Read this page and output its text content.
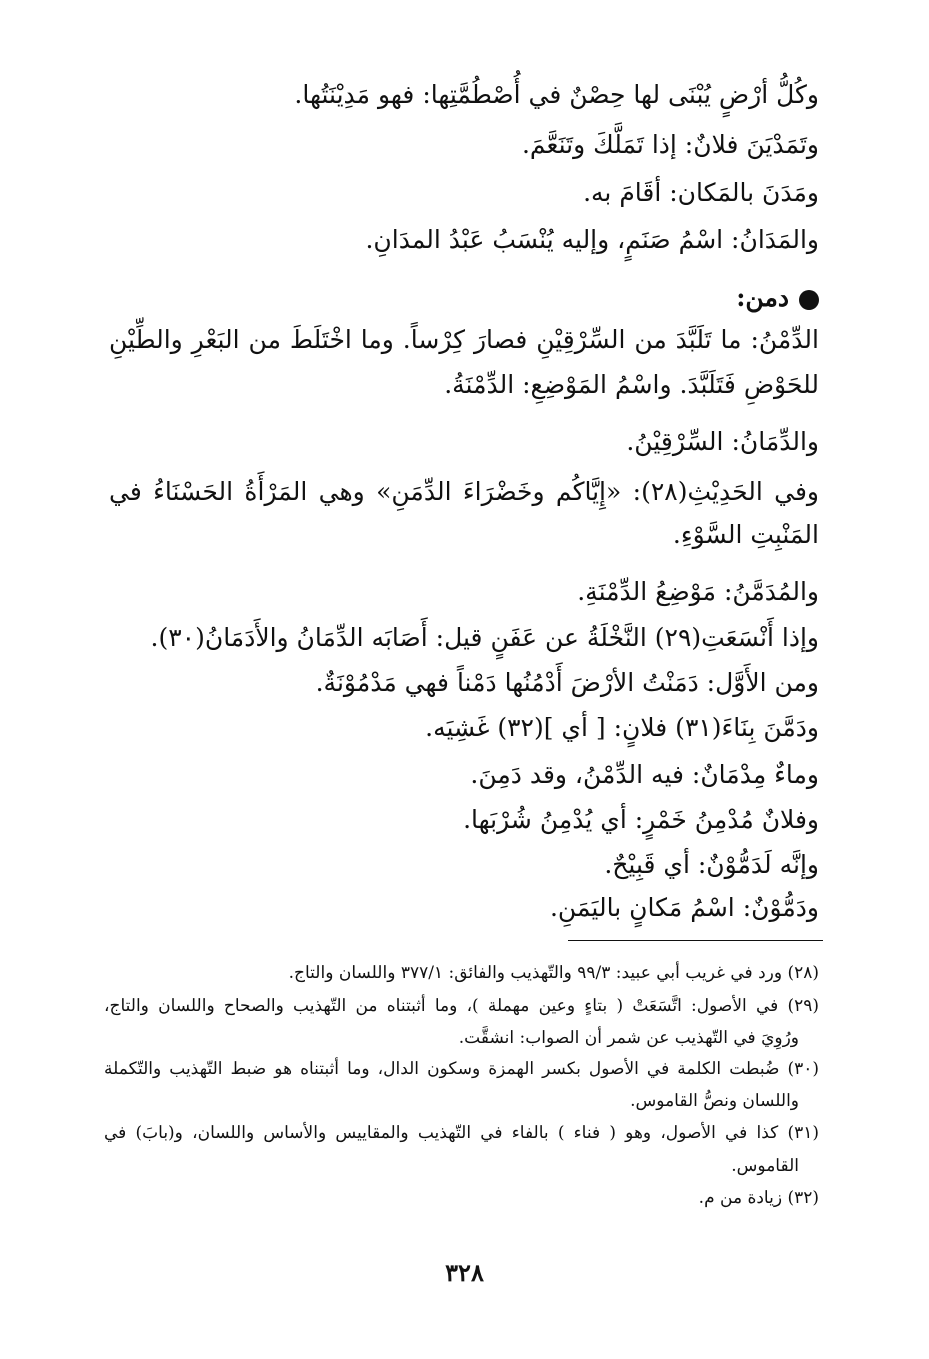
وكُلُّ أرْضٍ يُبْنَى لها حِصْنٌ في أُصْطُمَّتِها: فهو مَدِيْنَتُها.
وتَمَدْيَنَ فلانٌ: إذا تَمَلَّكَ وتَنَعَّمَ.
ومَدَنَ بالمَكان: أقَامَ به.
والمَدَانُ: اسْمُ صَنَمٍ، وإليه يُنْسَبُ عَبْدُ المدَانِ.
دمن:
الدِّمْنُ: ما تَلَبَّدَ من السِّرْقِيْنِ فصارَ كِرْساً. وما اخْتَلَطَ من البَعْرِ والطِّيْنِ
للحَوْضِ فَتَلَبَّدَ. واسْمُ المَوْضِعِ: الدِّمْنَةُ.
والدِّمَانُ: السِّرْقِيْنُ.
وفي الحَدِيْثِ(٢٨): «إِيَّاكُم وخَضْرَاءَ الدِّمَنِ» وهي المَرْأَةُ الحَسْنَاءُ في
المَنْبِتِ السَّوْءِ.
والمُدَمَّنُ: مَوْضِعُ الدِّمْنَةِ.
وإذا أَنْسَعَتِ(٢٩) النَّخْلَةُ عن عَفَنٍ قيل: أَصَابَه الدِّمَانُ والأَدَمَانُ(٣٠).
ومن الأَوَّل: دَمَنْتُ الأرْضَ أَدْمُنُها دَمْناً فهي مَدْمُوْنَةٌ.
ودَمَّنَ بِنَاءَ(٣١) فلانٍ: [ أي ](٣٢) غَشِيَه.
وماءٌ مِدْمَانٌ: فيه الدِّمْنُ، وقد دَمِنَ.
وفلانٌ مُدْمِنُ خَمْرٍ: أي يُدْمِنُ شُرْبَها.
وإنَّه لَدَمُّوْنٌ: أي قَبِيْحٌ.
ودَمُّوْنٌ: اسْمُ مَكانٍ باليَمَنِ.
(٢٨) ورد في غريب أبي عبيد: ٩٩/٣ والتّهذيب والفائق: ٣٧٧/١ واللسان والتاج.
(٢٩) في الأصول: اتَّسَعَتْ ( بتاءٍ وعين مهملة )، وما أثبتناه من التّهذيب والصحاح واللسان والتاج،
ورُوِيَ في التّهذيب عن شمر أن الصواب: انشقَّت.
(٣٠) ضُبطت الكلمة في الأصول بكسر الهمزة وسكون الدال، وما أثبتناه هو ضبط التّهذيب والتّكملة
واللسان ونصُّ القاموس.
(٣١) كذا في الأصول، وهو ( فناء ) بالفاء في التّهذيب والمقاييس والأساس واللسان، و(بابَ) في
القاموس.
(٣٢) زيادة من م.
٣٢٨
